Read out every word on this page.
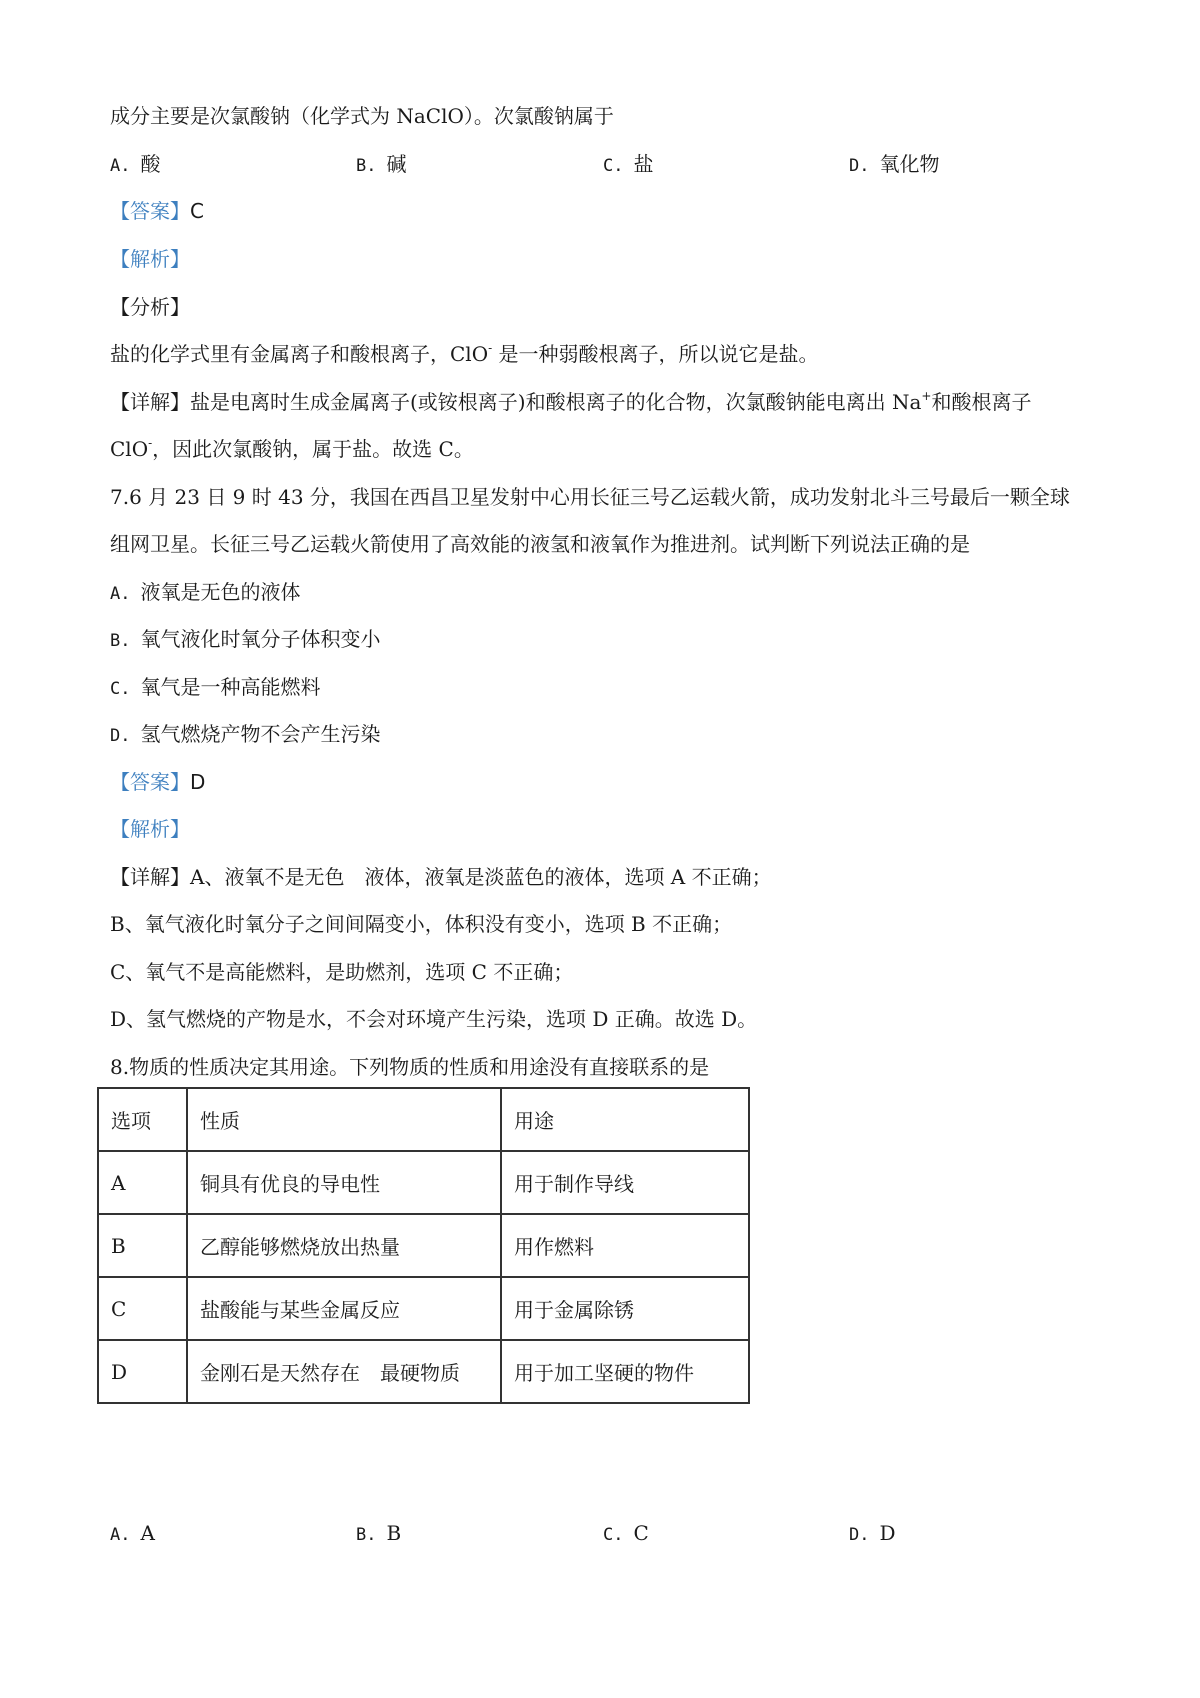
成分主要是次氯酸钠（化学式为 NaClO）。次氯酸钠属于
A. 酸	B. 碱	C. 盐	D. 氧化物
【答案】C
【解析】
【分析】
盐的化学式里有金属离子和酸根离子，ClO- 是一种弱酸根离子，所以说它是盐。
【详解】盐是电离时生成金属离子(或铵根离子)和酸根离子的化合物，次氯酸钠能电离出 Na+和酸根离子
ClO-，因此次氯酸钠，属于盐。故选 C。
7.6 月 23 日 9 时 43 分，我国在西昌卫星发射中心用长征三号乙运载火箭，成功发射北斗三号最后一颗全球
组网卫星。长征三号乙运载火箭使用了高效能的液氢和液氧作为推进剂。试判断下列说法正确的是
A. 液氧是无色的液体
B. 氧气液化时氧分子体积变小
C. 氧气是一种高能燃料
D. 氢气燃烧产物不会产生污染
【答案】D
【解析】
【详解】A、液氧不是无色　液体，液氧是淡蓝色的液体，选项 A 不正确；
B、氧气液化时氧分子之间间隔变小，体积没有变小，选项 B 不正确；
C、氧气不是高能燃料，是助燃剂，选项 C 不正确；
D、氢气燃烧的产物是水，不会对环境产生污染，选项 D 正确。故选 D。
8.物质的性质决定其用途。下列物质的性质和用途没有直接联系的是
选项	性质	用途
A	铜具有优良的导电性	用于制作导线
B	乙醇能够燃烧放出热量	用作燃料
C	盐酸能与某些金属反应	用于金属除锈
D	金刚石是天然存在　最硬物质	用于加工坚硬的物件
A. A	B. B	C. C	D. D
